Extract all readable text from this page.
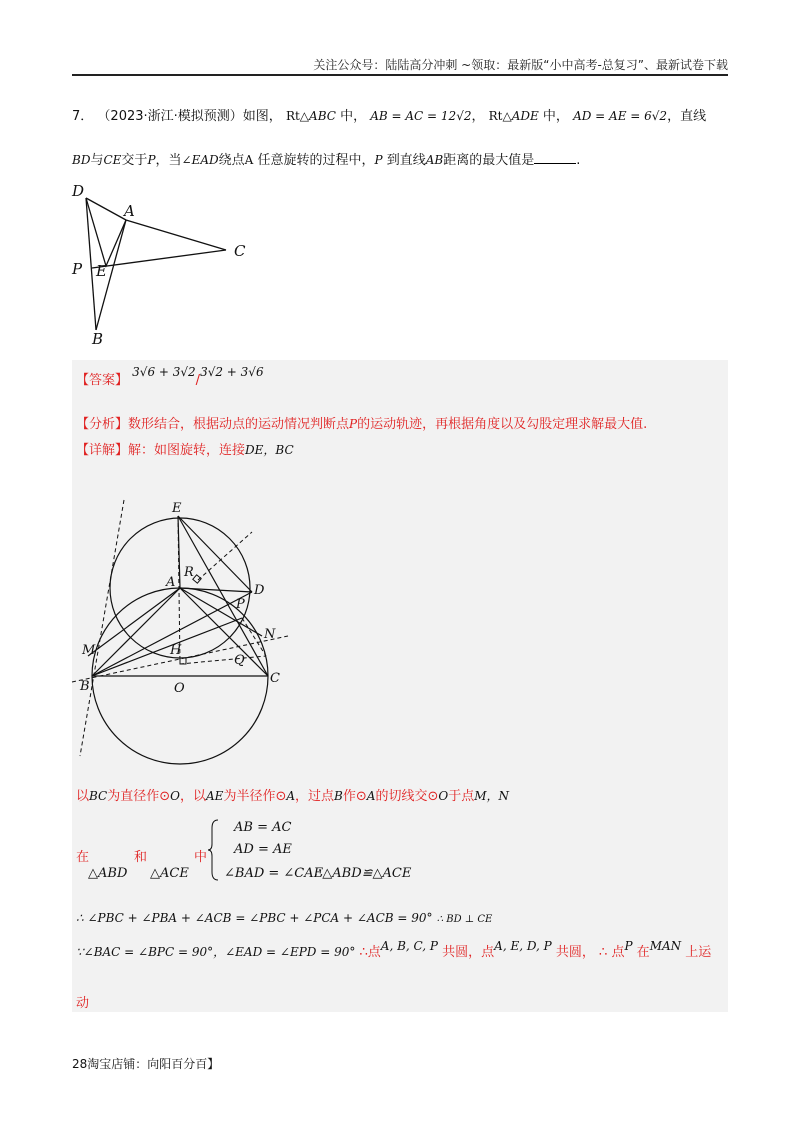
关注公众号：陆陆高分冲刺 ~领取：最新版“小中高考-总复习”、最新试卷下载
7． （2023·浙江·模拟预测）如图， Rt△ABC 中， AB = AC = 12√2， Rt△ADE 中， AD = AE = 6√2，直线
BD与CE交于P，当∠EAD绕点A 任意旋转的过程中，P 到直线AB距离的最大值是	.
D
A
C
P E
B
【答案】 3√6 + 3√2/3√2 + 3√6
【分析】数形结合，根据动点的运动情况判断点P的运动轨迹，再根据角度以及勾股定理求解最大值.
【详解】解：如图旋转，连接DE，BC
E
A
R
D
P
M
N
H
Q
B	O
C
以BC为直径作⊙O，以AE为半径作⊙A，过点B作⊙A的切线交⊙O于点M，N
在	和	中
△ABD △ACE
AB = AC
AD = AE
∠BAD = ∠CAE
∴△ABD≌△ACE
∴ ∠PBC + ∠PBA + ∠ACB = ∠PBC + ∠PCA + ∠ACB = 90° ∴ BD ⊥ CE
∵∠BAC = ∠BPC = 90°，∠EAD = ∠EPD = 90° ∴点A, B, C, P 共圆，点A, E, D, P 共圆， ∴ 点P 在MAN 上运
动
28淘宝店铺：向阳百分百】
